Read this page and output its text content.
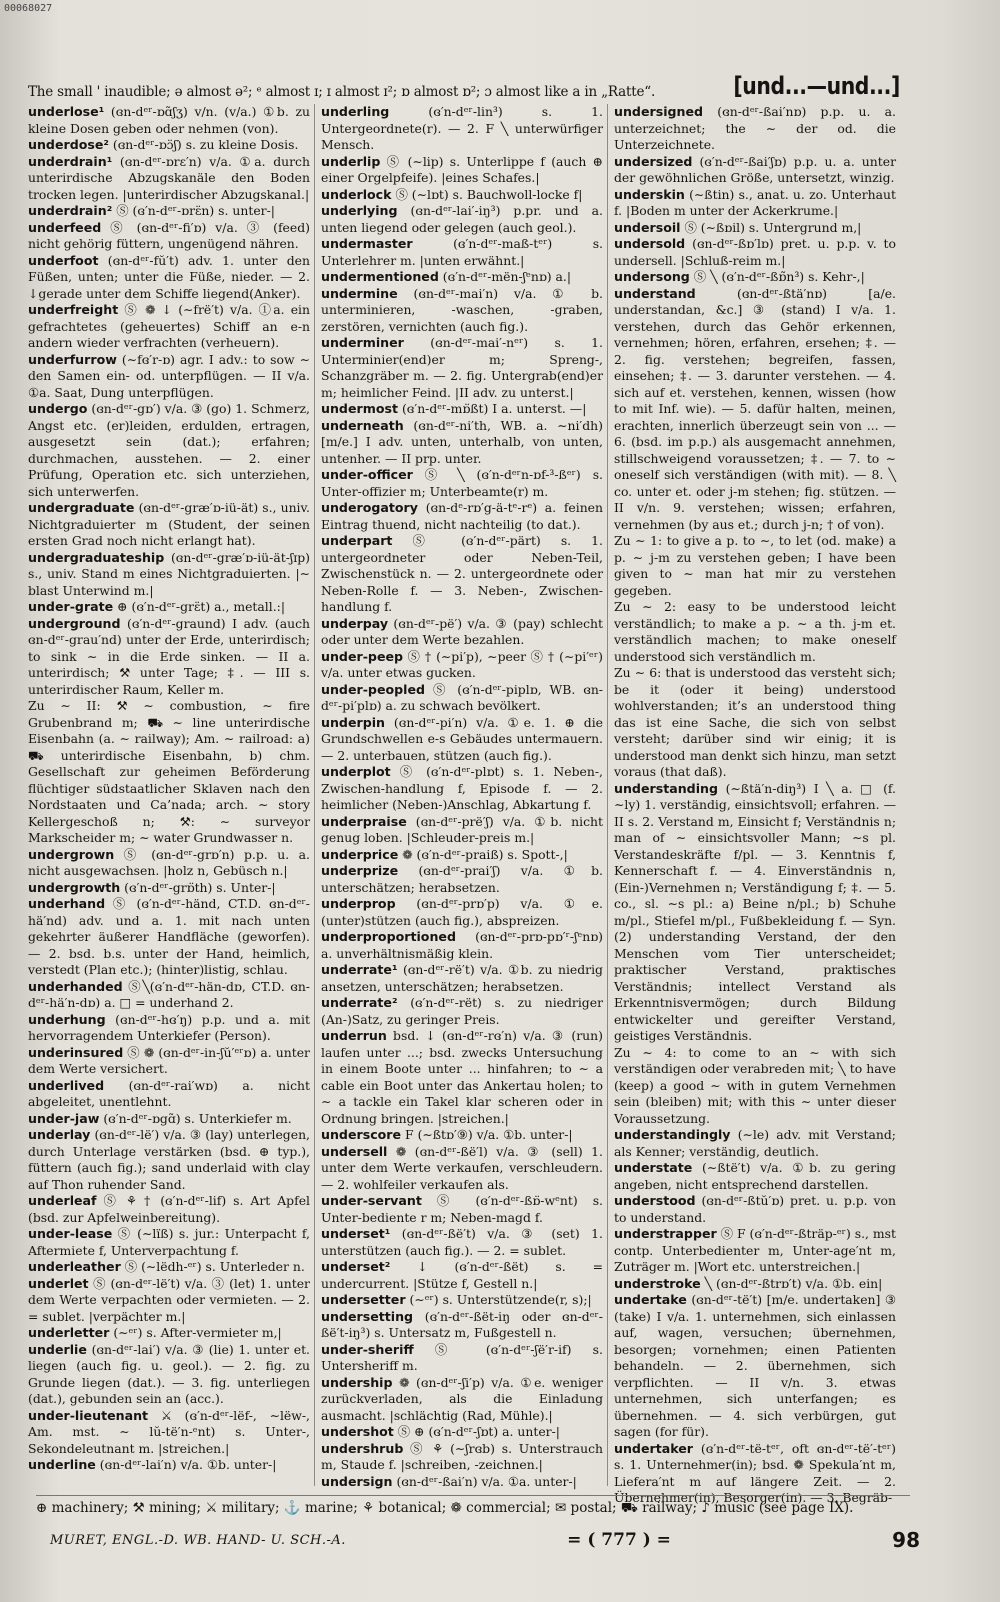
00068027
The small ' inaudible; ə almost ə²; ᵉ almost ɪ; ɪ almost ɪ²; ɒ almost ɒ²; ɔ almost like a in „Ratte“.	[und...—und...]

underlose¹ (ɞn-dᵉʳ-ɒɑ̃ʃʒ) v/n. (v/a.) ①b. zu kleine Dosen geben oder nehmen (von).

underdose² (ɞn-dᵉʳ-ɒɔ̈ʃ) s. zu kleine Dosis.

underdrain¹ (ɞn-dᵉʳ-ɒrɛ′n) v/a. ①a. durch unterirdische Abzugskanäle den Boden trocken legen. |unterirdischer Abzugskanal.|

underdrain² Ⓢ (ɞ′n-dᵉʳ-ɒrɛ̈n) s. unter-|

underfeed Ⓢ (ɞn-dᵉʳ-fi′ɒ) v/a. ③ (feed) nicht gehörig füttern, ungenügend nähren.

underfoot (ɞn-dᵉʳ-fŭ′t) adv. 1. unter den Füßen, unten; unter die Füße, nieder. — 2. ↓gerade unter dem Schiffe liegend(Anker).

underfreight Ⓢ ❁ ↓ (∼frë′t) v/a. ①a. ein gefrachtetes (geheuertes) Schiff an e-n andern wieder verfrachten (verheuern).

underfurrow (∼fɞ′r-ɒ) agr. I adv.: to sow ∼ den Samen ein- od. unterpflügen. — II v/a. ①a. Saat, Dung unterpflügen.

undergo (ɞn-dᵉʳ-gɒ′) v/a. ③ (go) 1. Schmerz, Angst etc. (er)leiden, erdulden, ertragen, ausgesetzt sein (dat.); erfahren; durchmachen, ausstehen. — 2. einer Prüfung, Operation etc. sich unterziehen, sich unterwerfen.

undergraduate (ɞn-dᵉʳ-græ′ɒ-iü-ät) s., univ. Nichtgraduierter m (Student, der seinen ersten Grad noch nicht erlangt hat).

undergraduateship (ɞn-dᵉʳ-græ′ɒ-iü-ät-ʃɪp) s., univ. Stand m eines Nichtgraduierten. |∼ blast Unterwind m.|

under-grate ⊕ (ɞ′n-dᵉʳ-grɛ̈t) a., metall.:|

underground (ɞ′n-dᵉʳ-graund) I adv. (auch ɞn-dᵉʳ-grau′nd) unter der Erde, unterirdisch; to sink ∼ in die Erde sinken. — II a. unterirdisch; ⚒ unter Tage; ‡. — III s. unterirdischer Raum, Keller m.

Zu ∼ II: ⚒ ∼ combustion, ∼ fire Grubenbrand m; ⛟ ∼ line unterirdische Eisenbahn (a. ∼ railway); Am. ∼ railroad: a) ⛟ unterirdische Eisenbahn, b) chm. Gesellschaft zur geheimen Beförderung flüchtiger südstaatlicher Sklaven nach den Nordstaaten und Ca’nada; arch. ∼ story Kellergeschoß n; ⚒: ∼ surveyor Markscheider m; ∼ water Grundwasser n.

undergrown Ⓢ (ɞn-dᵉʳ-grɒ′n) p.p. u. a. nicht ausgewachsen. |holz n, Gebüsch n.|

undergrowth (ɞ′n-dᵉʳ-grɒ̈th) s. Unter-|

underhand Ⓢ (ɞ′n-dᵉʳ-händ, CT.D. ɞn-dᵉʳ-hä′nd) adv. und a. 1. mit nach unten gekehrter äußerer Handfläche (geworfen). — 2. bsd. b.s. unter der Hand, heimlich, verstedt (Plan etc.); (hinter)listig, schlau.

underhanded Ⓢ╲(ɞ′n-dᵉʳ-hän-dɒ, CT.D. ɞn-dᵉʳ-hä′n-dɒ) a. □ = underhand 2.

underhung (ɞn-dᵉʳ-hɞ′ŋ) p.p. und a. mit hervorragendem Unterkiefer (Person).

underinsured Ⓢ ❁ (ɞn-dᵉʳ-in-ʃŭ′ᵉʳɒ) a. unter dem Werte versichert.

underlived (ɞn-dᵉʳ-rai′wɒ) a. nicht abgeleitet, unentlehnt.

under-jaw (ɞ′n-dᵉʳ-ɒgɑ̃) s. Unterkiefer m.

underlay (ɞn-dᵉʳ-lë′) v/a. ③ (lay) unterlegen, durch Unterlage verstärken (bsd. ⊕ typ.), füttern (auch fig.); sand underlaid with clay auf Thon ruhender Sand.

underleaf Ⓢ ⚘ † (ɞ′n-dᵉʳ-lif) s. Art Apfel (bsd. zur Apfelweinbereitung).

under-lease Ⓢ (∼lïß) s. jur.: Unterpacht f, Aftermiete f, Unterverpachtung f.

underleather Ⓢ (∼lëdh-ᵉʳ) s. Unterleder n.

underlet Ⓢ (ɞn-dᵉʳ-lë′t) v/a. ③ (let) 1. unter dem Werte verpachten oder vermieten. — 2. = sublet. |verpächter m.|

underletter (∼ᵉʳ) s. After-vermieter m,|

underlie (ɞn-dᵉʳ-lai′) v/a. ③ (lie) 1. unter et. liegen (auch fig. u. geol.). — 2. fig. zu Grunde liegen (dat.). — 3. fig. unterliegen (dat.), gebunden sein an (acc.).

under-lieutenant ⚔ (ɞ′n-dᵉʳ-lëf-, ∼lëw-, Am. mst. ∼ lŭ-të′n-ᵉnt) s. Unter-, Sekondeleutnant m. |streichen.|

underline (ɞn-dᵉʳ-lai′n) v/a. ①b. unter-|

underling	(ɞ′n-dᵉʳ-lin³) s. 1. Untergeordnete(r). — 2. F ╲ unterwürfiger Mensch.

underlip Ⓢ (∼lip) s. Unterlippe f (auch ⊕ einer Orgelpfeife). |eines Schafes.|

underlock Ⓢ (∼lɒt) s. Bauchwoll-locke f|

underlying (ɞn-dᵉʳ-lai′-iŋ³) p.pr. und a. unten liegend oder gelegen (auch geol.).

undermaster	(ɞ′n-dᵉʳ-maß-tᵉʳ) s. Unterlehrer m. |unten erwähnt.|

undermentioned (ɞ′n-dᵉʳ-mën-ʃᵉnɒ) a.|

undermine (ɞn-dᵉʳ-mai′n) v/a. ① b. unterminieren, -waschen, -graben, zerstören, vernichten (auch fig.).

underminer (ɞn-dᵉʳ-mai′-nᵉʳ) s. 1. Unterminier(end)er m; Spreng-, Schanzgräber m. — 2. fig. Untergrab(end)er m; heimlicher Feind. |II adv. zu unterst.|

undermost (ɞ′n-dᵉʳ-mɒ̈ßt) I a. unterst. —|

underneath (ɞn-dᵉʳ-ni′th, WB. a. ∼ni′dh) [m/e.] I adv. unten, unterhalb, von unten, untenher. — II prp. unter.

under-officer Ⓢ ╲ (ɞ′n-dᵉʳn-ɒf-³-ßᵉʳ) s. Unter-offizier m; Unterbeamte(r) m.

underogatory (ɞn-dᵉ-rɒ′g-ä-tᵉ-rᵉ) a. feinen Eintrag thuend, nicht nachteilig (to dat.).

underpart Ⓢ (ɞ′n-dᵉʳ-pärt) s. 1. untergeordneter oder Neben-Teil, Zwischenstück n. — 2. untergeordnete oder Neben-Rolle f. — 3. Neben-, Zwischen-handlung f.

underpay (ɞn-dᵉʳ-pë′) v/a. ③ (pay) schlecht oder unter dem Werte bezahlen.

under-peep Ⓢ † (∼pi′p), ∼peer Ⓢ † (∼pi′ᵉʳ) v/a. unter etwas gucken.

under-peopled Ⓢ (ɞ′n-dᵉʳ-piplɒ, WB. ɞn-dᵉʳ-pi′plɒ) a. zu schwach bevölkert.

underpin (ɞn-dᵉʳ-pi′n) v/a. ①e. 1. ⊕ die Grundschwellen e-s Gebäudes untermauern. — 2. unterbauen, stützen (auch fig.).

underplot Ⓢ (ɞ′n-dᵉʳ-plɒt) s. 1. Neben-, Zwischen-handlung f, Episode f. — 2. heimlicher (Neben-)Anschlag, Abkartung f.

underpraise (ɞn-dᵉʳ-prë′ʃ) v/a. ①b. nicht genug loben. |Schleuder-preis m.|

underprice ❁ (ɞ′n-dᵉʳ-praiß) s. Spott-,|

underprize (ɞn-dᵉʳ-prai′ʃ) v/a. ①b. unterschätzen; herabsetzen.

underprop (ɞn-dᵉʳ-prɒ′p) v/a. ①e. (unter)stützen (auch fig.), abspreizen.

underproportioned (ɞn-dᵉʳ-prɒ-pɒ′ʳ-ʃᵉnɒ) a. unverhältnismäßig klein.

underrate¹ (ɞn-dᵉʳ-rë′t) v/a. ①b. zu niedrig ansetzen, unterschätzen; herabsetzen.

underrate² (ɞ′n-dᵉʳ-rët) s. zu niedriger (An-)Satz, zu geringer Preis.

underrun bsd. ↓ (ɞn-dᵉʳ-rɞ′n) v/a. ③ (run) laufen unter ...; bsd. zwecks Untersuchung in einem Boote unter ... hinfahren; to ∼ a cable ein Boot unter das Ankertau holen; to ∼ a tackle ein Takel klar scheren oder in Ordnung bringen. |streichen.|

underscore F (∼ßtɒ′⑨) v/a. ①b. unter-|

undersell ❁ (ɞn-dᵉʳ-ßë′l) v/a. ③ (sell) 1. unter dem Werte verkaufen, verschleudern. — 2. wohlfeiler verkaufen als.

under-servant Ⓢ (ɞ′n-dᵉʳ-ßɒ̈-wᵉnt) s. Unter-bediente r m; Neben-magd f.

underset¹ (ɞn-dᵉʳ-ßë′t) v/a. ③ (set) 1. unterstützen (auch fig.). — 2. = sublet.

underset² ↓ (ɞ′n-dᵉʳ-ßët) s. = undercurrent. |Stütze f, Gestell n.|

undersetter (∼ᵉʳ) s. Unterstützende(r, s);|

undersetting (ɞ′n-dᵉʳ-ßët-iŋ oder ɞn-dᵉʳ-ßë′t-iŋ³) s. Untersatz m, Fußgestell n.

under-sheriff Ⓢ (ɞ′n-dᵉʳ-ʃë′r-if) s. Untersheriff m.

undership ❁ (ɞn-dᵉʳ-ʃi′p) v/a. ①e. weniger zurückverladen, als die Einladung ausmacht. |schlächtig (Rad, Mühle).|

undershot Ⓢ ⊕ (ɞ′n-dᵉʳ-ʃɒt) a. unter-|

undershrub Ⓢ ⚘ (∼ʃrɞb) s. Unterstrauch m, Staude f. |schreiben, -zeichnen.|

undersign (ɞn-dᵉʳ-ßai′n) v/a. ①a. unter-|

undersigned (ɞn-dᵉʳ-ßai′nɒ) p.p. u. a. unterzeichnet; the ∼ der od. die Unterzeichnete.

undersized (ɞ′n-dᵉʳ-ßai′ʃɒ) p.p. u. a. unter der gewöhnlichen Größe, untersetzt, winzig.

underskin (∼ßtin) s., anat. u. zo. Unterhaut f. |Boden m unter der Ackerkrume.|

undersoil Ⓢ (∼ßɒil) s. Untergrund m,|

undersold (ɞn-dᵉʳ-ßɒ′lɒ) pret. u. p.p. v. to undersell. |Schluß-reim m.|

undersong Ⓢ ╲ (ɞ′n-dᵉʳ-ßɒ̃n³) s. Kehr-,|

understand	(ɞn-dᵉʳ-ßtä′nɒ) [a/e. understandan, &c.] ③ (stand) I v/a. 1. verstehen, durch das Gehör erkennen, vernehmen; hören, erfahren, ersehen; ‡. — 2. fig. verstehen; begreifen, fassen, einsehen; ‡. — 3. darunter verstehen. — 4. sich auf et. verstehen, kennen, wissen (how to mit Inf. wie). — 5. dafür halten, meinen, erachten, innerlich überzeugt sein von ... — 6. (bsd. im p.p.) als ausgemacht annehmen, stillschweigend voraussetzen; ‡. — 7. to ∼ oneself sich verständigen (with mit). — 8. ╲ co. unter et. oder j-m stehen; fig. stützen. — II v/n. 9. verstehen; wissen; erfahren, vernehmen (by aus et.; durch j-n; † of von).

Zu ∼ 1: to give a p. to ∼, to let (od. make) a p. ∼ j-m zu verstehen geben; I have been given to ∼ man hat mir zu verstehen gegeben.

Zu ∼ 2: easy to be understood leicht verständlich; to make a p. ∼ a th. j-m et. verständlich machen; to make oneself understood sich verständlich m.

Zu ∼ 6: that is understood das versteht sich; be it (oder it being) understood wohlverstanden; it’s an understood thing das ist eine Sache, die sich von selbst versteht; darüber sind wir einig; it is understood man denkt sich hinzu, man setzt voraus (that daß).

understanding (∼ßtä′n-diŋ³) I ╲ a. □ (f. ∼ly) 1. verständig, einsichtsvoll; erfahren. — II s. 2. Verstand m, Einsicht f; Verständnis n; man of ∼ einsichtsvoller Mann; ∼s pl. Verstandeskräfte f/pl. — 3. Kenntnis f, Kennerschaft f. — 4. Einverständnis n, (Ein-)Vernehmen n; Verständigung f; ‡. — 5. co., sl. ∼s pl.: a) Beine n/pl.; b) Schuhe m/pl., Stiefel m/pl., Fußbekleidung f. — Syn. (2) understanding Verstand, der den Menschen vom Tier unterscheidet; praktischer Verstand, praktisches Verständnis; intellect Verstand als Erkenntnisvermögen; durch Bildung entwickelter und gereifter Verstand, geistiges Verständnis.

Zu ∼ 4: to come to an ∼ with sich verständigen oder verabreden mit; ╲ to have (keep) a good ∼ with in gutem Vernehmen sein (bleiben) mit; with this ∼ unter dieser Voraussetzung.

understandingly (∼le) adv. mit Verstand; als Kenner; verständig, deutlich.

understate (∼ßtë′t) v/a. ①b. zu gering angeben, nicht entsprechend darstellen.

understood (ɞn-dᵉʳ-ßtŭ′ɒ) pret. u. p.p. von to understand.

understrapper Ⓢ F (ɞ′n-dᵉʳ-ßträp-ᵉʳ) s., mst contp. Unterbedienter m, Unter-age′nt m, Zuträger m. |Wort etc. unterstreichen.|

understroke ╲ (ɞn-dᵉʳ-ßtrɒ′t) v/a. ①b. ein|

undertake (ɞn-dᵉʳ-të′t) [m/e. undertaken] ③ (take) I v/a. 1. unternehmen, sich einlassen auf, wagen, versuchen; übernehmen, besorgen; vornehmen; einen Patienten behandeln. — 2. übernehmen, sich verpflichten. — II v/n. 3. etwas unternehmen, sich unterfangen; es übernehmen. — 4. sich verbürgen, gut sagen (for für).

undertaker (ɞ′n-dᵉʳ-të-tᵉʳ, oft ɞn-dᵉʳ-të′-tᵉʳ) s. 1. Unternehmer(in); bsd. ❁ Spekula′nt m, Liefera′nt m auf längere Zeit. — 2. Übernehmer(in), Besorger(in). — 3. Begräb-

⊕ machinery; ⚒ mining; ⚔ military; ⚓ marine; ⚘ botanical; ❁ commercial; ✉ postal; ⛟ railway; ♪ music (see page IX).
MURET, ENGL.-D. WB. HAND- U. SCH.-A.	= ( 777 ) =	98
